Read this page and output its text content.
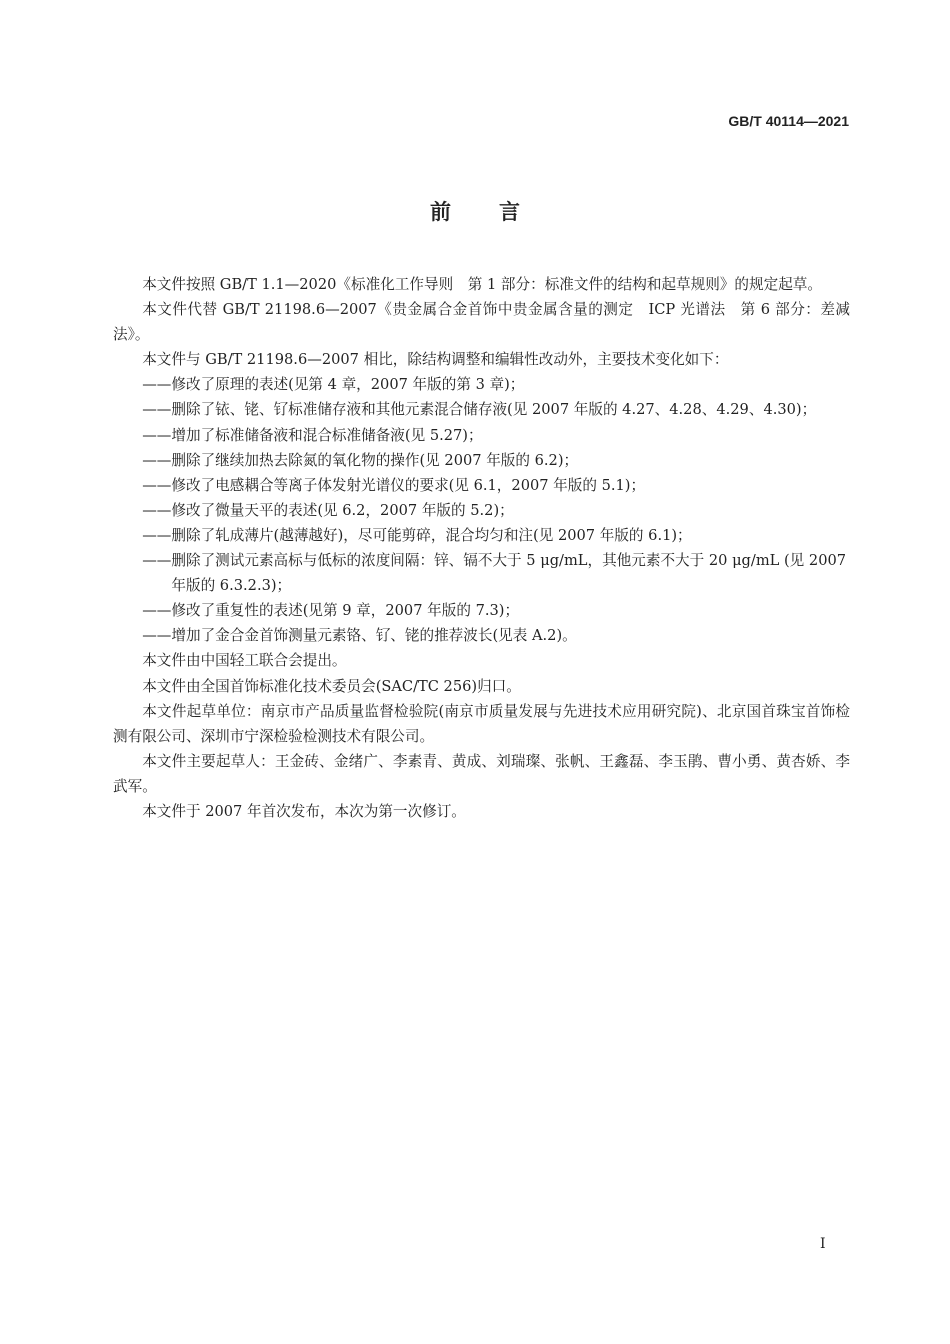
GB/T 40114—2021
前言

本文件按照 GB/T 1.1—2020《标准化工作导则　第 1 部分：标准文件的结构和起草规则》的规定起草。

本文件代替 GB/T 21198.6—2007《贵金属合金首饰中贵金属含量的测定　ICP 光谱法　第 6 部分：差减法》。

本文件与 GB/T 21198.6—2007 相比，除结构调整和编辑性改动外，主要技术变化如下：

——修改了原理的表述(见第 4 章，2007 年版的第 3 章)；

——删除了铱、铑、钌标准储存液和其他元素混合储存液(见 2007 年版的 4.27、4.28、4.29、4.30)；

——增加了标准储备液和混合标准储备液(见 5.27)；

——删除了继续加热去除氮的氧化物的操作(见 2007 年版的 6.2)；

——修改了电感耦合等离子体发射光谱仪的要求(见 6.1，2007 年版的 5.1)；

——修改了微量天平的表述(见 6.2，2007 年版的 5.2)；

——删除了轧成薄片(越薄越好)，尽可能剪碎，混合均匀和注(见 2007 年版的 6.1)；

——删除了测试元素高标与低标的浓度间隔：锌、镉不大于 5 μg/mL，其他元素不大于 20 μg/mL (见 2007 年版的 6.3.2.3)；

——修改了重复性的表述(见第 9 章，2007 年版的 7.3)；

——增加了金合金首饰测量元素铬、钌、铑的推荐波长(见表 A.2)。

本文件由中国轻工联合会提出。

本文件由全国首饰标准化技术委员会(SAC/TC 256)归口。

本文件起草单位：南京市产品质量监督检验院(南京市质量发展与先进技术应用研究院)、北京国首珠宝首饰检测有限公司、深圳市宁深检验检测技术有限公司。

本文件主要起草人：王金砖、金绪广、李素青、黄成、刘瑞璨、张帆、王鑫磊、李玉鹃、曹小勇、黄杏娇、李武军。

本文件于 2007 年首次发布，本次为第一次修订。

I
